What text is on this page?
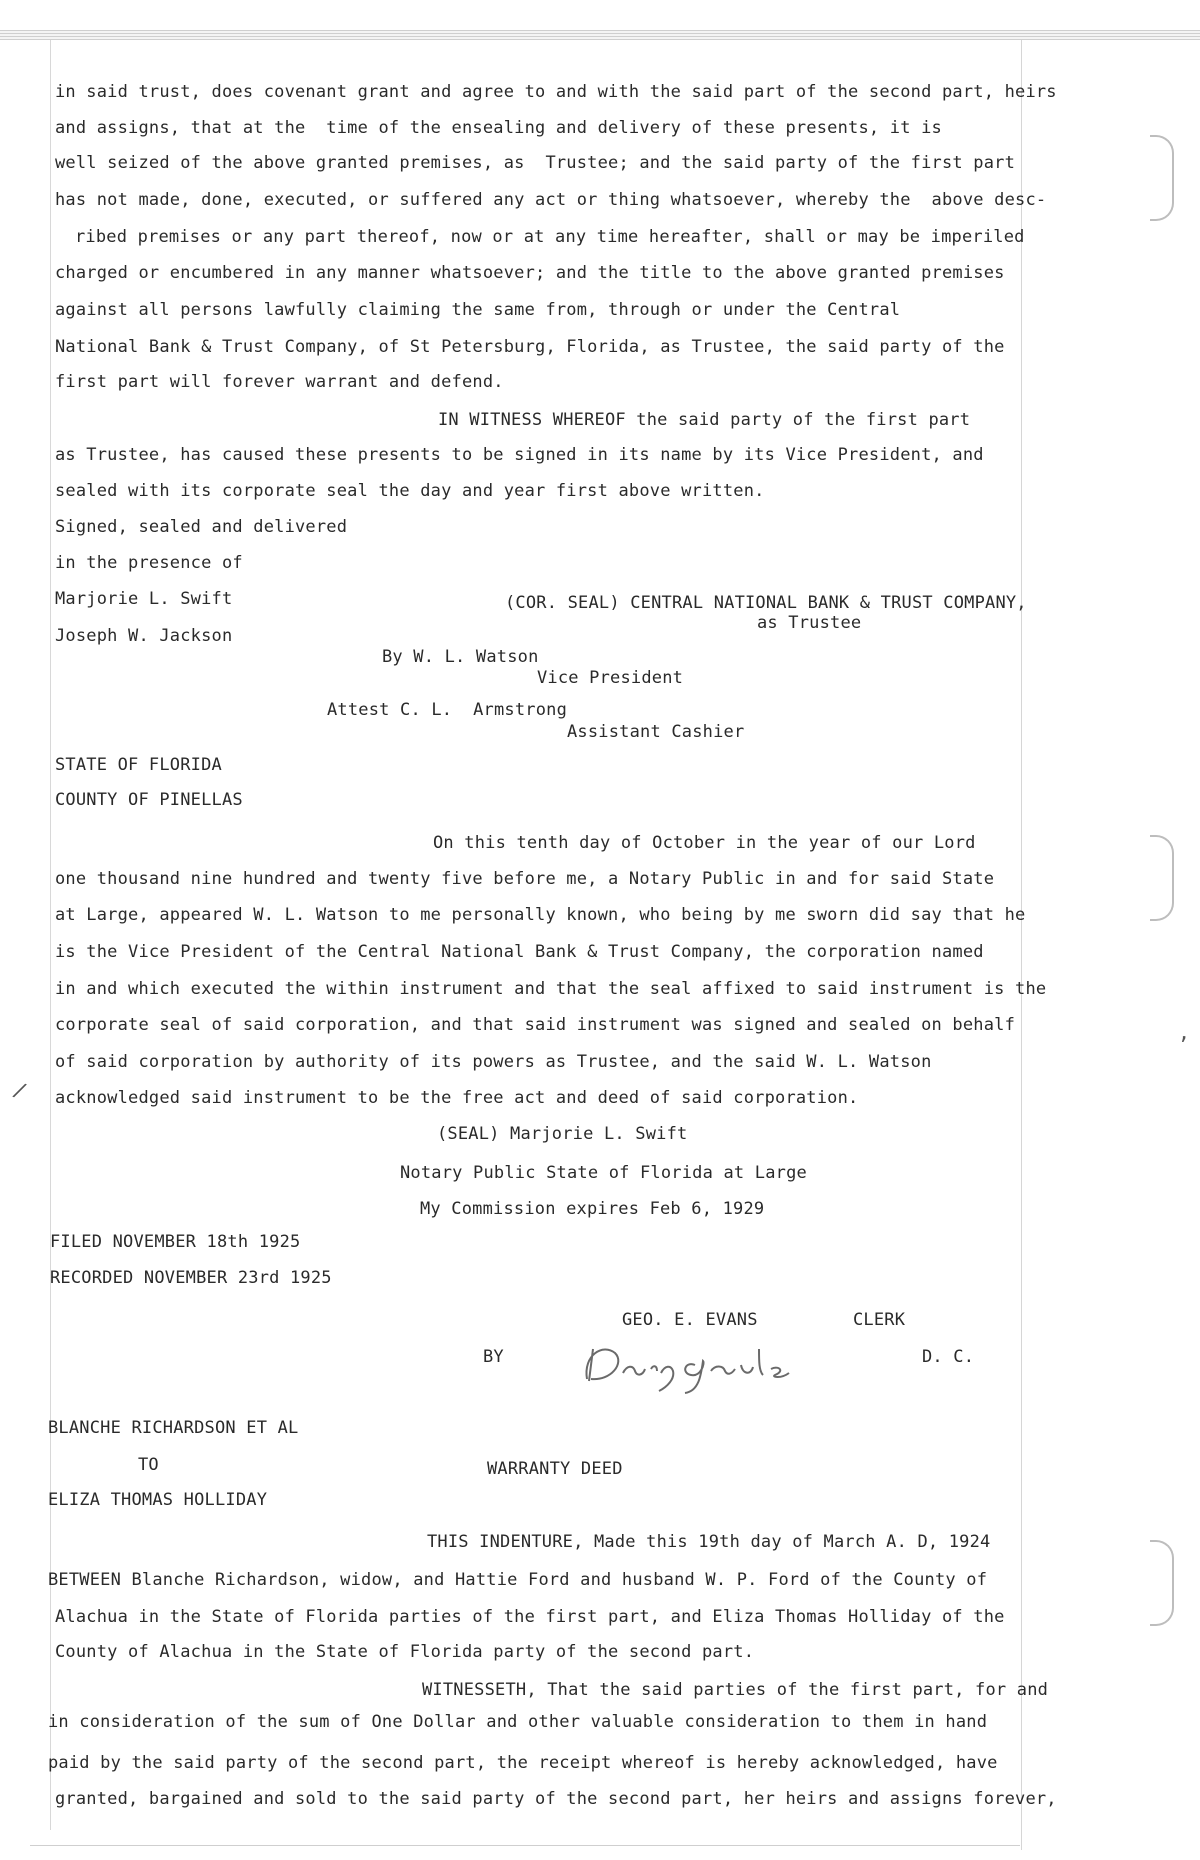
,
/
in said trust, does covenant grant and agree to and with the said part of the second part, heirs
and assigns, that at the  time of the ensealing and delivery of these presents, it is
well seized of the above granted premises, as  Trustee; and the said party of the first part
has not made, done, executed, or suffered any act or thing whatsoever, whereby the  above desc-
ribed premises or any part thereof, now or at any time hereafter, shall or may be imperiled
charged or encumbered in any manner whatsoever; and the title to the above granted premises
against all persons lawfully claiming the same from, through or under the Central
National Bank & Trust Company, of St Petersburg, Florida, as Trustee, the said party of the
first part will forever warrant and defend.
IN WITNESS WHEREOF the said party of the first part
as Trustee, has caused these presents to be signed in its name by its Vice President, and
sealed with its corporate seal the day and year first above written.
Signed, sealed and delivered
in the presence of
Marjorie L. Swift	(COR. SEAL) CENTRAL NATIONAL BANK & TRUST COMPANY,
Joseph W. Jackson
as Trustee
By W. L. Watson
Vice President
Attest C. L.  Armstrong
Assistant Cashier
STATE OF FLORIDA
COUNTY OF PINELLAS
On this tenth day of October in the year of our Lord
one thousand nine hundred and twenty five before me, a Notary Public in and for said State
at Large, appeared W. L. Watson to me personally known, who being by me sworn did say that he
is the Vice President of the Central National Bank & Trust Company, the corporation named
in and which executed the within instrument and that the seal affixed to said instrument is the
corporate seal of said corporation, and that said instrument was signed and sealed on behalf
of said corporation by authority of its powers as Trustee, and the said W. L. Watson
acknowledged said instrument to be the free act and deed of said corporation.
(SEAL) Marjorie L. Swift
Notary Public State of Florida at Large
My Commission expires Feb 6, 1929
FILED NOVEMBER 18th 1925
RECORDED NOVEMBER 23rd 1925
GEO. E. EVANS	CLERK
BY	D. C.
BLANCHE RICHARDSON ET AL
TO	WARRANTY DEED
ELIZA THOMAS HOLLIDAY
THIS INDENTURE, Made this 19th day of March A. D, 1924
BETWEEN Blanche Richardson, widow, and Hattie Ford and husband W. P. Ford of the County of
Alachua in the State of Florida parties of the first part, and Eliza Thomas Holliday of the
County of Alachua in the State of Florida party of the second part.
WITNESSETH, That the said parties of the first part, for and
in consideration of the sum of One Dollar and other valuable consideration to them in hand
paid by the said party of the second part, the receipt whereof is hereby acknowledged, have
granted, bargained and sold to the said party of the second part, her heirs and assigns forever,
